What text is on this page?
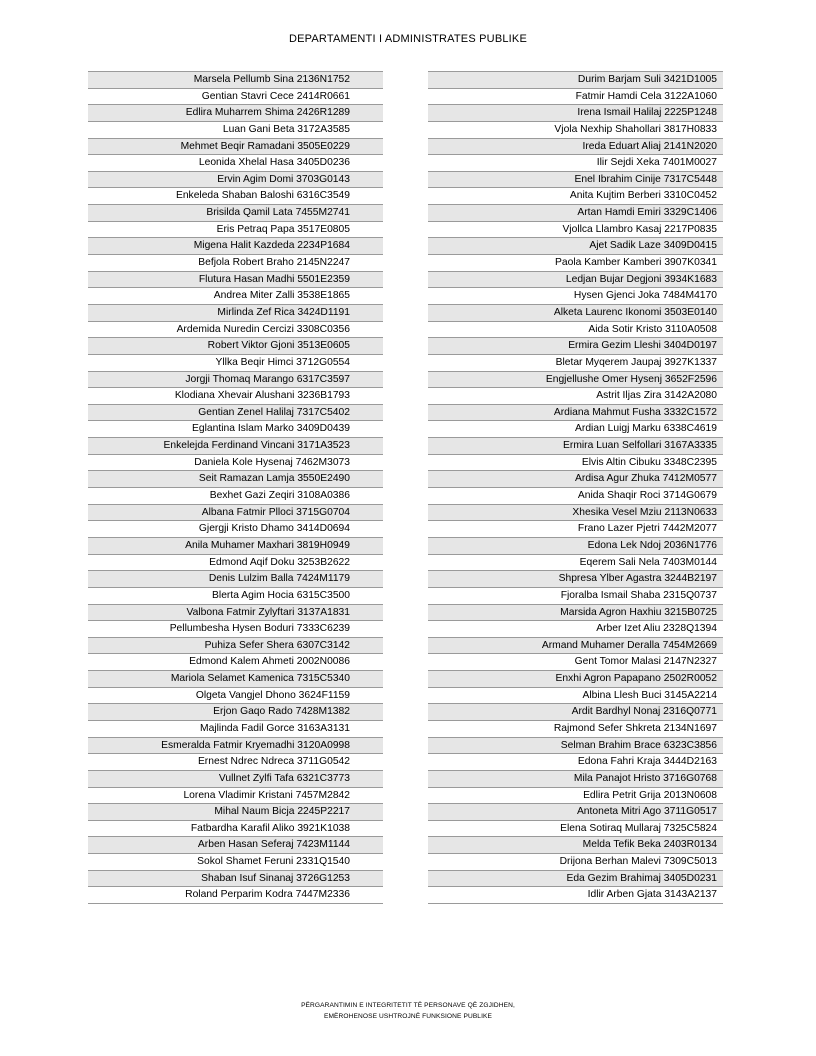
DEPARTAMENTI I ADMINISTRATES PUBLIKE
Marsela Pellumb Sina 2136N1752
Gentian Stavri Cece 2414R0661
Edlira Muharrem Shima 2426R1289
Luan Gani Beta 3172A3585
Mehmet Beqir Ramadani 3505E0229
Leonida Xhelal Hasa 3405D0236
Ervin Agim Domi 3703G0143
Enkeleda Shaban Baloshi 6316C3549
Brisilda Qamil Lata 7455M2741
Eris Petraq Papa 3517E0805
Migena Halit Kazdeda 2234P1684
Befjola Robert Braho 2145N2247
Flutura Hasan Madhi 5501E2359
Andrea Miter Zalli 3538E1865
Mirlinda Zef Rica 3424D1191
Ardemida Nuredin Cercizi 3308C0356
Robert Viktor Gjoni 3513E0605
Yllka Beqir Himci 3712G0554
Jorgji Thomaq Marango 6317C3597
Klodiana Xhevair Alushani 3236B1793
Gentian Zenel Halilaj 7317C5402
Eglantina Islam Marko 3409D0439
Enkelejda Ferdinand Vincani 3171A3523
Daniela Kole Hysenaj 7462M3073
Seit Ramazan Lamja 3550E2490
Bexhet Gazi Zeqiri 3108A0386
Albana Fatmir Plloci 3715G0704
Gjergji Kristo Dhamo 3414D0694
Anila Muhamer Maxhari 3819H0949
Edmond Aqif Doku 3253B2622
Denis Lulzim Balla 7424M1179
Blerta Agim Hocia 6315C3500
Valbona Fatmir Zylyftari 3137A1831
Pellumbesha Hysen Boduri 7333C6239
Puhiza Sefer Shera 6307C3142
Edmond Kalem Ahmeti 2002N0086
Mariola Selamet Kamenica 7315C5340
Olgeta Vangjel Dhono 3624F1159
Erjon Gaqo Rado 7428M1382
Majlinda Fadil Gorce 3163A3131
Esmeralda Fatmir Kryemadhi 3120A0998
Ernest Ndrec Ndreca 3711G0542
Vullnet Zylfi Tafa 6321C3773
Lorena Vladimir Kristani 7457M2842
Mihal Naum Bicja 2245P2217
Fatbardha Karafil Aliko 3921K1038
Arben Hasan Seferaj 7423M1144
Sokol Shamet Feruni 2331Q1540
Shaban Isuf Sinanaj 3726G1253
Roland Perparim Kodra 7447M2336
Durim Barjam Suli 3421D1005
Fatmir Hamdi Cela 3122A1060
Irena Ismail Halilaj 2225P1248
Vjola Nexhip Shahollari 3817H0833
Ireda Eduart Aliaj 2141N2020
Ilir Sejdi Xeka 7401M0027
Enel Ibrahim Cinije 7317C5448
Anita Kujtim Berberi 3310C0452
Artan Hamdi Emiri 3329C1406
Vjollca Llambro Kasaj 2217P0835
Ajet Sadik Laze 3409D0415
Paola Kamber Kamberi 3907K0341
Ledjan Bujar Degjoni 3934K1683
Hysen Gjenci Joka 7484M4170
Alketa Laurenc Ikonomi 3503E0140
Aida Sotir Kristo 3110A0508
Ermira Gezim Lleshi 3404D0197
Bletar Myqerem Jaupaj 3927K1337
Engjellushe Omer Hysenj 3652F2596
Astrit Iljas Zira 3142A2080
Ardiana Mahmut Fusha 3332C1572
Ardian Luigj Marku 6338C4619
Ermira Luan Selfollari 3167A3335
Elvis Altin Cibuku 3348C2395
Ardisa Agur Zhuka 7412M0577
Anida Shaqir Roci 3714G0679
Xhesika Vesel Mziu 2113N0633
Frano Lazer Pjetri 7442M2077
Edona Lek Ndoj 2036N1776
Eqerem Sali Nela 7403M0144
Shpresa Ylber Agastra 3244B2197
Fjoralba Ismail Shaba 2315Q0737
Marsida Agron Haxhiu 3215B0725
Arber Izet Aliu 2328Q1394
Armand Muhamer Deralla 7454M2669
Gent Tomor Malasi 2147N2327
Enxhi Agron Papapano 2502R0052
Albina Llesh Buci 3145A2214
Ardit Bardhyl Nonaj 2316Q0771
Rajmond Sefer Shkreta 2134N1697
Selman Brahim Brace 6323C3856
Edona Fahri Kraja 3444D2163
Mila Panajot Hristo 3716G0768
Edlira Petrit Grija 2013N0608
Antoneta Mitri Ago 3711G0517
Elena Sotiraq Mullaraj 7325C5824
Melda Tefik Beka 2403R0134
Drijona Berhan Malevi 7309C5013
Eda Gezim Brahimaj 3405D0231
Idlir Arben Gjata 3143A2137
PËRGARANTIMIN E INTEGRITETIT TË PERSONAVE QË ZGJIDHEN,
EMËROHENOSE USHTROJNË FUNKSIONE PUBLIKE
